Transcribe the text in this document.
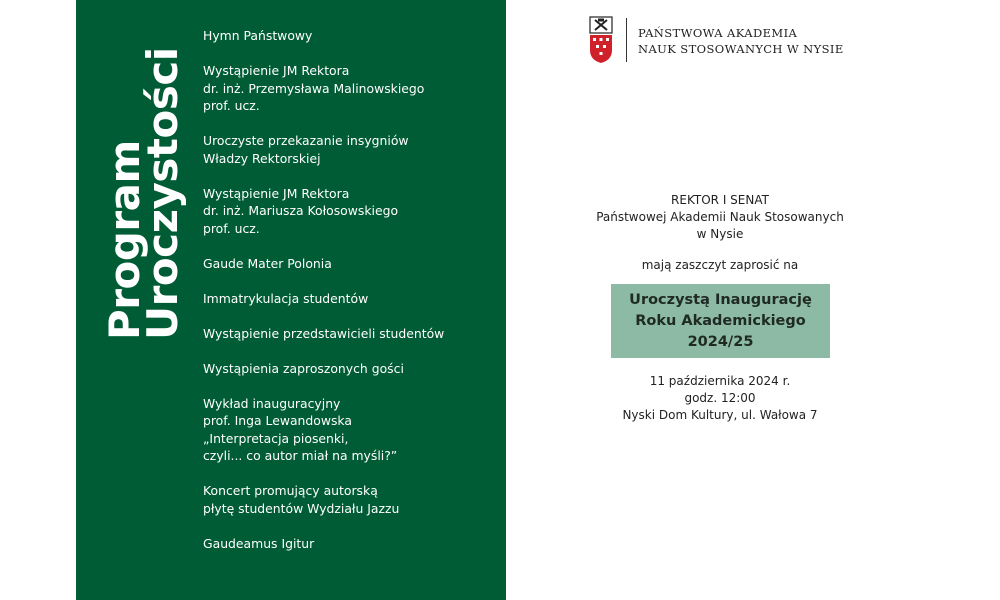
Program
Uroczystości
Hymn Państwowy
Wystąpienie JM Rektora
dr. inż. Przemysława Malinowskiego
prof. ucz.
Uroczyste przekazanie insygniów
Władzy Rektorskiej
Wystąpienie JM Rektora
dr. inż. Mariusza Kołosowskiego
prof. ucz.
Gaude Mater Polonia
Immatrykulacja studentów
Wystąpienie przedstawicieli studentów
Wystąpienia zaproszonych gości
Wykład inauguracyjny
prof. Inga Lewandowska
„Interpretacja piosenki,
czyli... co autor miał na myśli?”
Koncert promujący autorską
płytę studentów Wydziału Jazzu
Gaudeamus Igitur
PAŃSTWOWA AKADEMIA
NAUK STOSOWANYCH W NYSIE
REKTOR I SENAT
Państwowej Akademii Nauk Stosowanych
w Nysie
mają zaszczyt zaprosić na
Uroczystą Inaugurację
Roku Akademickiego
2024/25
11 października 2024 r.
godz. 12:00
Nyski Dom Kultury, ul. Wałowa 7
